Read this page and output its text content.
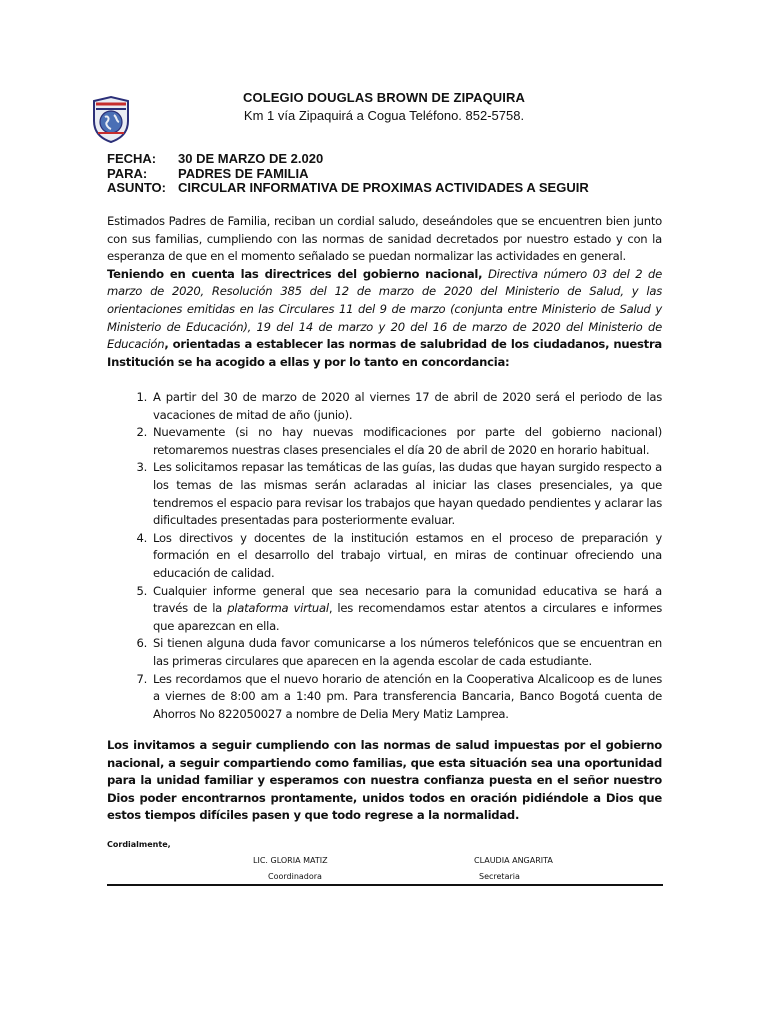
COLEGIO DOUGLAS BROWN DE ZIPAQUIRA
Km 1 vía Zipaquirá a Cogua Teléfono. 852-5758.
FECHA:	30 DE MARZO DE 2.020
PARA:	PADRES DE FAMILIA
ASUNTO: CIRCULAR INFORMATIVA DE PROXIMAS ACTIVIDADES A SEGUIR
Estimados Padres de Familia, reciban un cordial saludo, deseándoles que se encuentren bien junto con sus familias, cumpliendo con las normas de sanidad decretados por nuestro estado y con la esperanza de que en el momento señalado se puedan normalizar las actividades en general.
Teniendo en cuenta las directrices del gobierno nacional, Directiva número 03 del 2 de marzo de 2020, Resolución 385 del 12 de marzo de 2020 del Ministerio de Salud, y las orientaciones emitidas en las Circulares 11 del 9 de marzo (conjunta entre Ministerio de Salud y Ministerio de Educación), 19 del 14 de marzo y 20 del 16 de marzo de 2020 del Ministerio de Educación, orientadas a establecer las normas de salubridad de los ciudadanos, nuestra Institución se ha acogido a ellas y por lo tanto en concordancia:
1. A partir del 30 de marzo de 2020 al viernes 17 de abril de 2020 será el periodo de las vacaciones de mitad de año (junio).
2. Nuevamente (si no hay nuevas modificaciones por parte del gobierno nacional) retomaremos nuestras clases presenciales el día 20 de abril de 2020 en horario habitual.
3. Les solicitamos repasar las temáticas de las guías, las dudas que hayan surgido respecto a los temas de las mismas serán aclaradas al iniciar las clases presenciales, ya que tendremos el espacio para revisar los trabajos que hayan quedado pendientes y aclarar las dificultades presentadas para posteriormente evaluar.
4. Los directivos y docentes de la institución estamos en el proceso de preparación y formación en el desarrollo del trabajo virtual, en miras de continuar ofreciendo una educación de calidad.
5. Cualquier informe general que sea necesario para la comunidad educativa se hará a través de la plataforma virtual, les recomendamos estar atentos a circulares e informes que aparezcan en ella.
6. Si tienen alguna duda favor comunicarse a los números telefónicos que se encuentran en las primeras circulares que aparecen en la agenda escolar de cada estudiante.
7. Les recordamos que el nuevo horario de atención en la Cooperativa Alcalicoop es de lunes a viernes de 8:00 am a 1:40 pm. Para transferencia Bancaria, Banco Bogotá cuenta de Ahorros No 822050027 a nombre de Delia Mery Matiz Lamprea.
Los invitamos a seguir cumpliendo con las normas de salud impuestas por el gobierno nacional, a seguir compartiendo como familias, que esta situación sea una oportunidad para la unidad familiar y esperamos con nuestra confianza puesta en el señor nuestro Dios poder encontrarnos prontamente, unidos todos en oración pidiéndole a Dios que estos tiempos difíciles pasen y que todo regrese a la normalidad.
Cordialmente,
LIC. GLORIA MATIZ
Coordinadora
CLAUDIA ANGARITA
Secretaria
